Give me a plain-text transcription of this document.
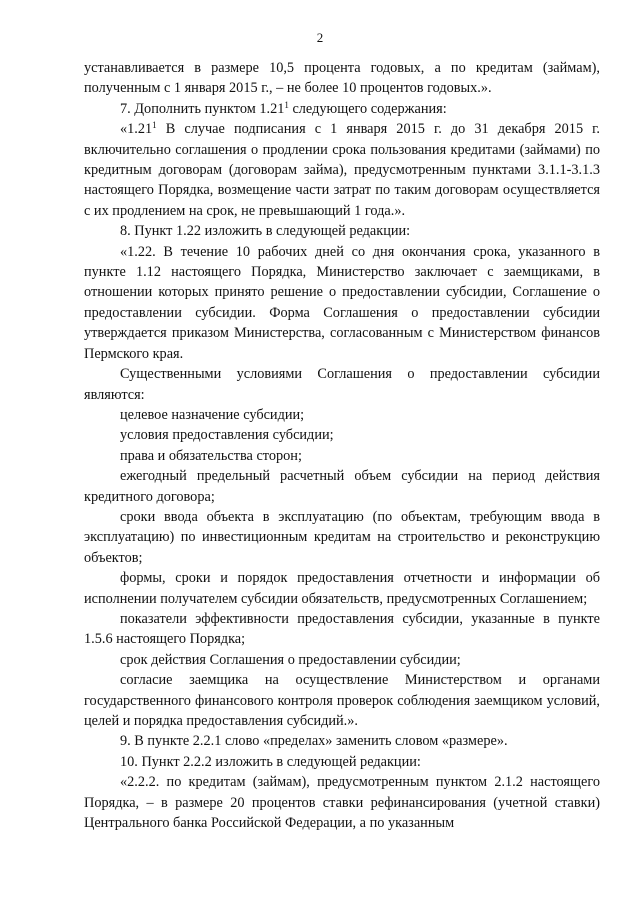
2

устанавливается в размере 10,5 процента годовых, а по кредитам (займам), полученным с 1 января 2015 г., – не более 10 процентов годовых.».

7. Дополнить пунктом 1.21$^1$ следующего содержания:

«1.21$^1$ В случае подписания с 1 января 2015 г. до 31 декабря 2015 г. включительно соглашения о продлении срока пользования кредитами (займами) по кредитным договорам (договорам займа), предусмотренным пунктами 3.1.1-3.1.3 настоящего Порядка, возмещение части затрат по таким договорам осуществляется с их продлением на срок, не превышающий 1 года.».

8. Пункт 1.22 изложить в следующей редакции:

«1.22. В течение 10 рабочих дней со дня окончания срока, указанного в пункте 1.12 настоящего Порядка, Министерство заключает с заемщиками, в отношении которых принято решение о предоставлении субсидии, Соглашение о предоставлении субсидии. Форма Соглашения о предоставлении субсидии утверждается приказом Министерства, согласованным с Министерством финансов Пермского края.

Существенными условиями Соглашения о предоставлении субсидии являются:

целевое назначение субсидии;

условия предоставления субсидии;

права и обязательства сторон;

ежегодный предельный расчетный объем субсидии на период действия кредитного договора;

сроки ввода объекта в эксплуатацию (по объектам, требующим ввода в эксплуатацию) по инвестиционным кредитам на строительство и реконструкцию объектов;

формы, сроки и порядок предоставления отчетности и информации об исполнении получателем субсидии обязательств, предусмотренных Соглашением;

показатели эффективности предоставления субсидии, указанные в пункте 1.5.6 настоящего Порядка;

срок действия Соглашения о предоставлении субсидии;

согласие заемщика на осуществление Министерством и органами государственного финансового контроля проверок соблюдения заемщиком условий, целей и порядка предоставления субсидий.».

9. В пункте 2.2.1 слово «пределах» заменить словом «размере».

10. Пункт 2.2.2 изложить в следующей редакции:

«2.2.2. по кредитам (займам), предусмотренным пунктом 2.1.2 настоящего Порядка, – в размере 20 процентов ставки рефинансирования (учетной ставки) Центрального банка Российской Федерации, а по указанным
